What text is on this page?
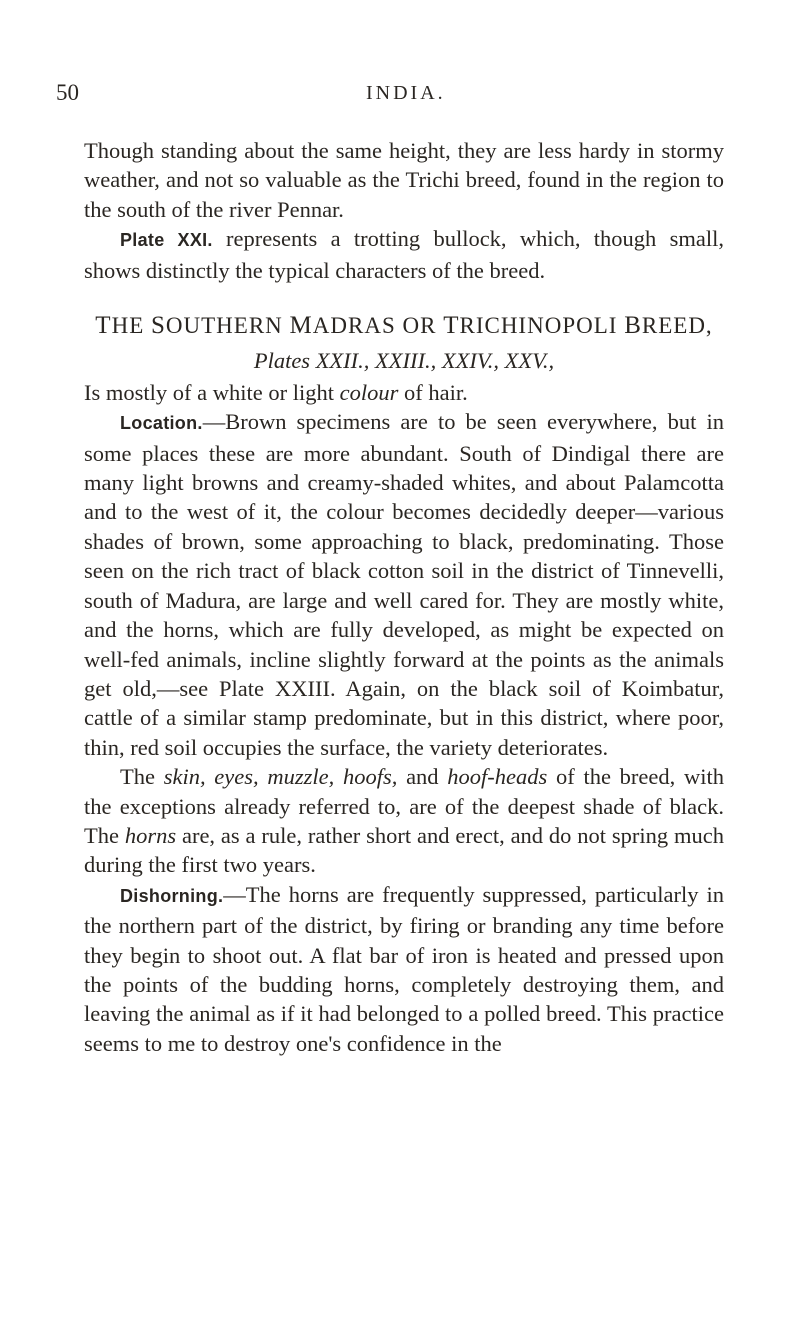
50	INDIA.

Though standing about the same height, they are less hardy in stormy weather, and not so valuable as the Trichi breed, found in the region to the south of the river Pennar.

Plate XXI. represents a trotting bullock, which, though small, shows distinctly the typical characters of the breed.

THE SOUTHERN MADRAS OR TRICHINOPOLI BREED,

Plates XXII., XXIII., XXIV., XXV.,

Is mostly of a white or light colour of hair.

Location.—Brown specimens are to be seen everywhere, but in some places these are more abundant. South of Dindigal there are many light browns and creamy-shaded whites, and about Palamcotta and to the west of it, the colour becomes decidedly deeper—various shades of brown, some approaching to black, predominating. Those seen on the rich tract of black cotton soil in the district of Tinnevelli, south of Madura, are large and well cared for. They are mostly white, and the horns, which are fully developed, as might be expected on well-fed animals, incline slightly forward at the points as the animals get old,—see Plate XXIII. Again, on the black soil of Koimbatur, cattle of a similar stamp predominate, but in this district, where poor, thin, red soil occupies the surface, the variety deteriorates.

The skin, eyes, muzzle, hoofs, and hoof-heads of the breed, with the exceptions already referred to, are of the deepest shade of black. The horns are, as a rule, rather short and erect, and do not spring much during the first two years.

Dishorning.—The horns are frequently suppressed, particularly in the northern part of the district, by firing or branding any time before they begin to shoot out. A flat bar of iron is heated and pressed upon the points of the budding horns, completely destroying them, and leaving the animal as if it had belonged to a polled breed. This practice seems to me to destroy one's confidence in the
